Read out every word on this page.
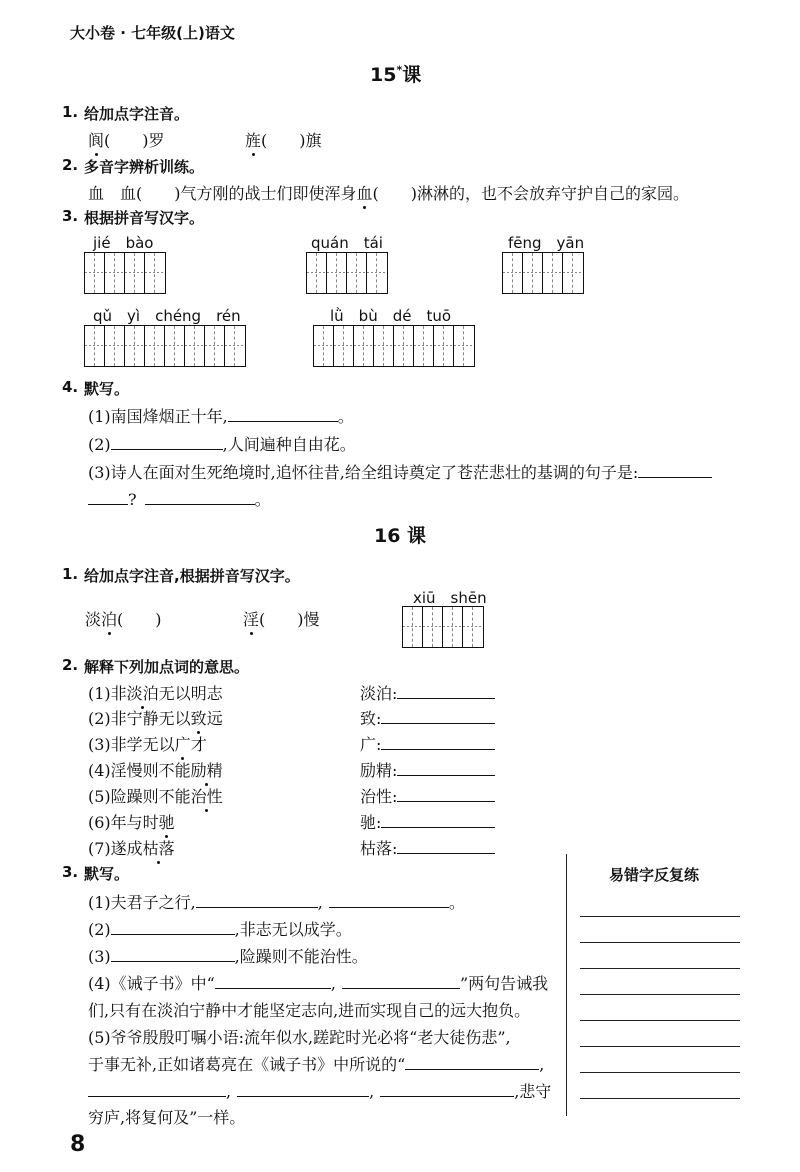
大小卷 · 七年级(上)语文
15*课
1. 给加点字注音。
阆(　　)罗	旌(　　)旗
2. 多音字辨析训练。
血　血(　　)气方刚的战士们即使浑身血(　　)淋淋的，也不会放弃守护自己的家园。
3. 根据拼音写汉字。
jié　bào	quán　tái	fēng　yān
qǔ　yì　chéng　rén	lǜ　bù　dé　tuō
4. 默写。
(1)南国烽烟正十年,	。
(2)	,人间遍种自由花。
(3)诗人在面对生死绝境时,追怀往昔,给全组诗奠定了苍茫悲壮的基调的句子是:
?	。
16 课
1. 给加点字注音,根据拼音写汉字。
淡泊(　　)	淫(　　)慢
xiū　shēn
2. 解释下列加点词的意思。
(1)非淡泊无以明志	淡泊:
(2)非宁静无以致远	致:
(3)非学无以广才	广:
(4)淫慢则不能励精	励精:
(5)险躁则不能治性	治性:
(6)年与时驰	驰:
(7)遂成枯落	枯落:
3. 默写。
(1)夫君子之行,	,	。
(2)	,非志无以成学。
(3)	,险躁则不能治性。
(4)《诫子书》中“	,	”两句告诫我
们,只有在淡泊宁静中才能坚定志向,进而实现自己的远大抱负。
(5)爷爷殷殷叮嘱小语:流年似水,蹉跎时光必将“老大徒伤悲”,
于事无补,正如诸葛亮在《诫子书》中所说的“	,
,	,	,悲守
穷庐,将复何及”一样。
易错字反复练
8
